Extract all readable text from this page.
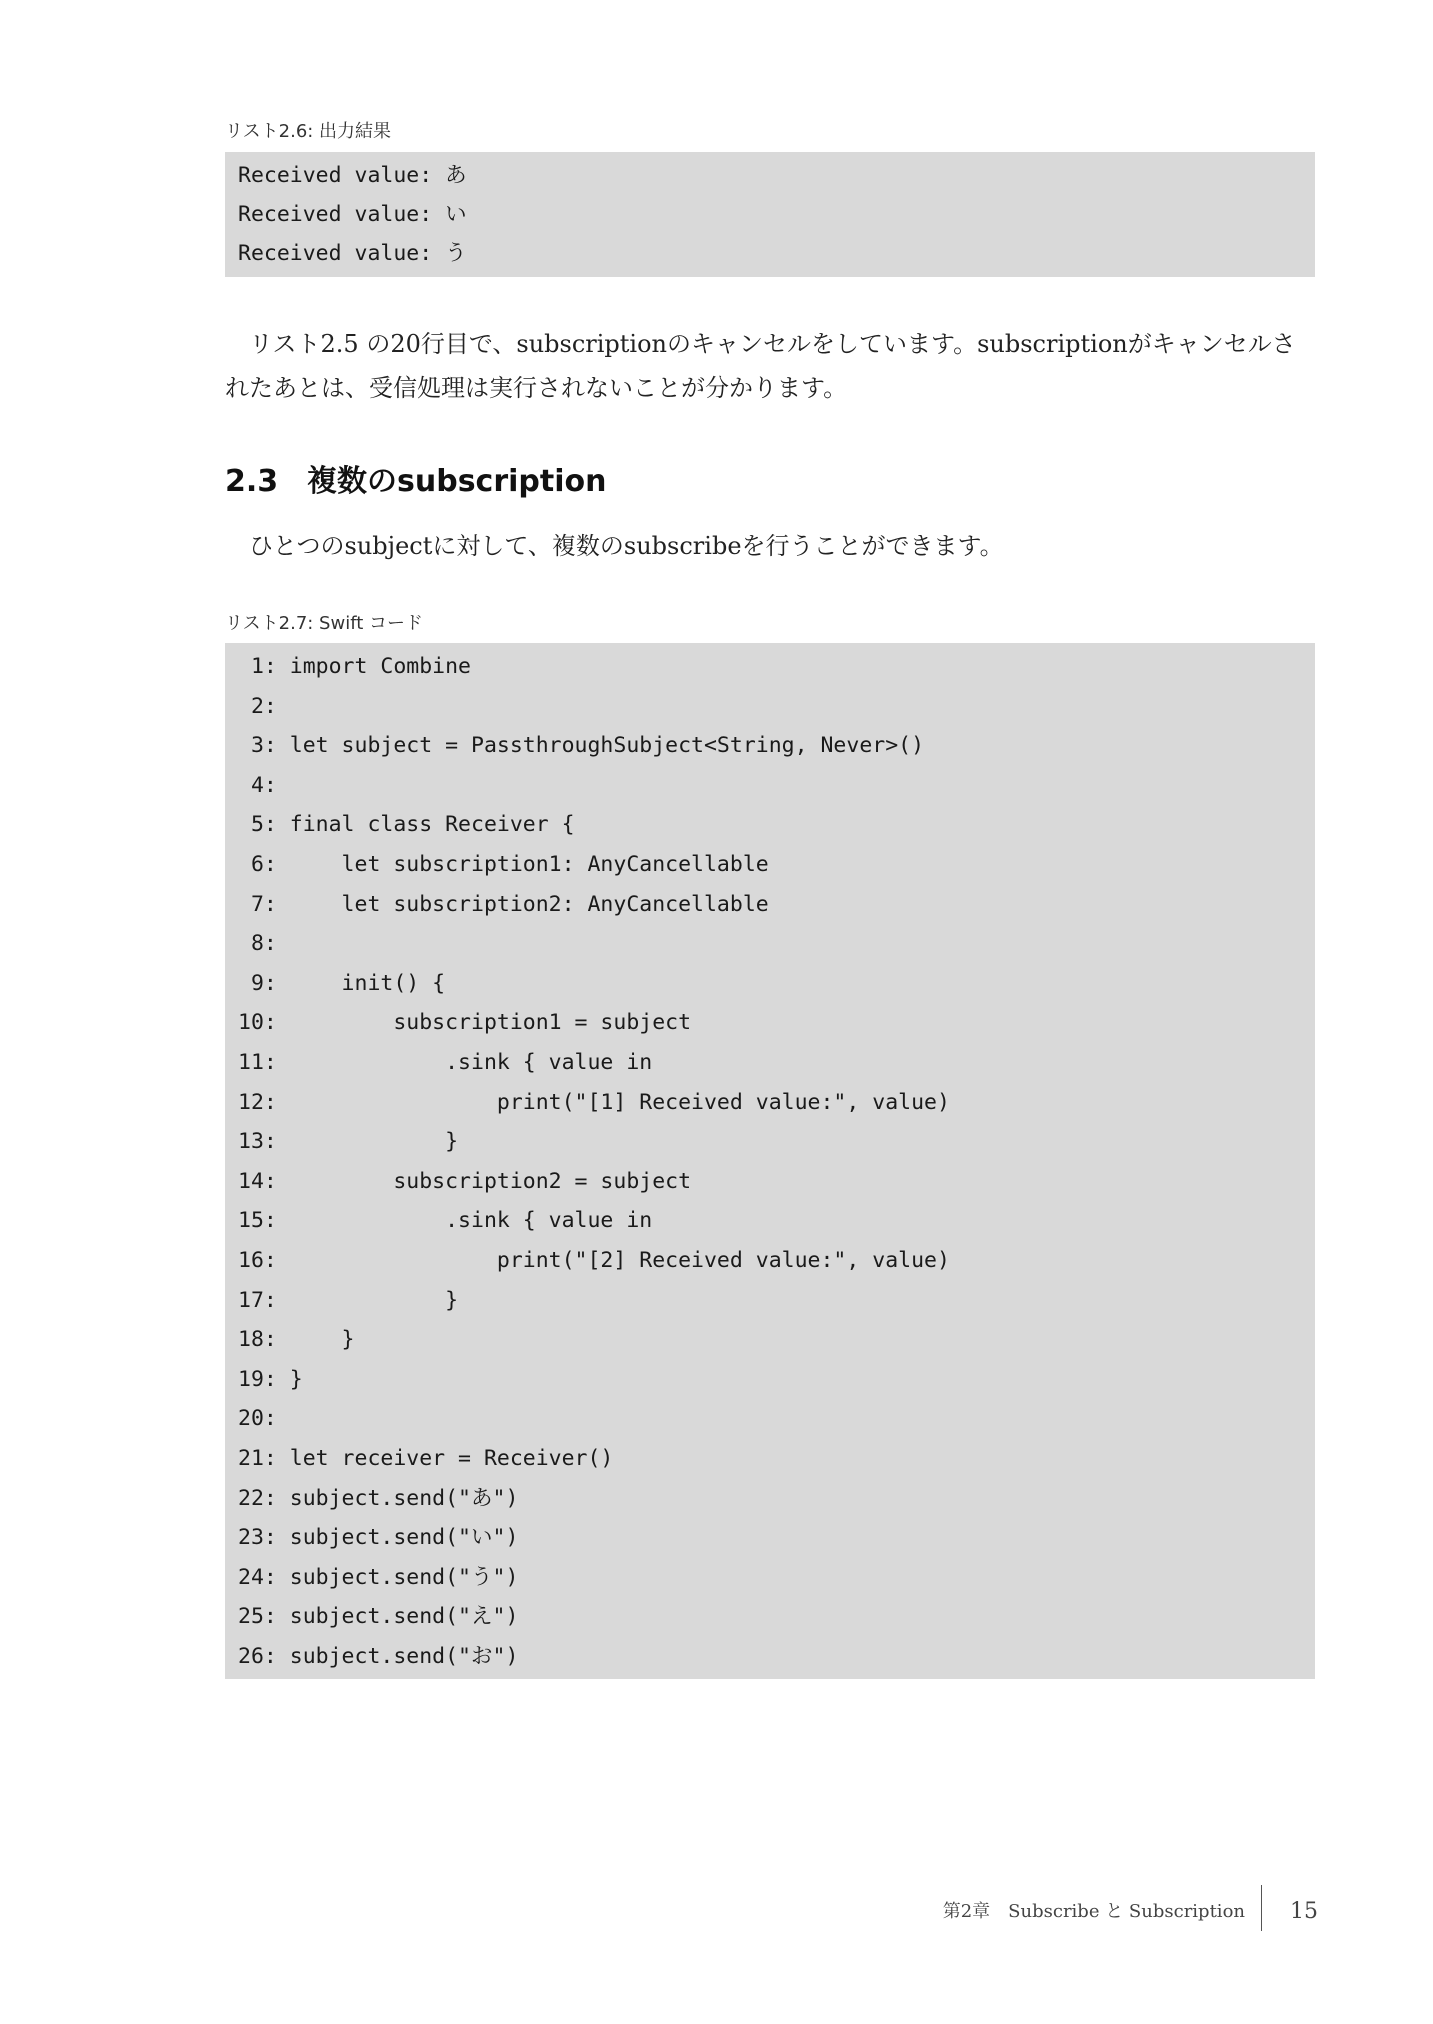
リスト2.6: 出力結果
Received value: あ
Received value: い
Received value: う
リスト2.5 の20行目で、subscriptionのキャンセルをしています。subscriptionがキャンセルされたあとは、受信処理は実行されないことが分かります。
2.3 複数のsubscription
ひとつのsubjectに対して、複数のsubscribeを行うことができます。
リスト2.7: Swift コード
1: import Combine
2:
3: let subject = PassthroughSubject<String, Never>()
4:
5: final class Receiver {
6:     let subscription1: AnyCancellable
7:     let subscription2: AnyCancellable
8:
9:     init() {
10:         subscription1 = subject
11:             .sink { value in
12:                 print("[1] Received value:", value)
13:             }
14:         subscription2 = subject
15:             .sink { value in
16:                 print("[2] Received value:", value)
17:             }
18:     }
19: }
20:
21: let receiver = Receiver()
22: subject.send("あ")
23: subject.send("い")
24: subject.send("う")
25: subject.send("え")
26: subject.send("お")
第2章　Subscribe と Subscription 15
